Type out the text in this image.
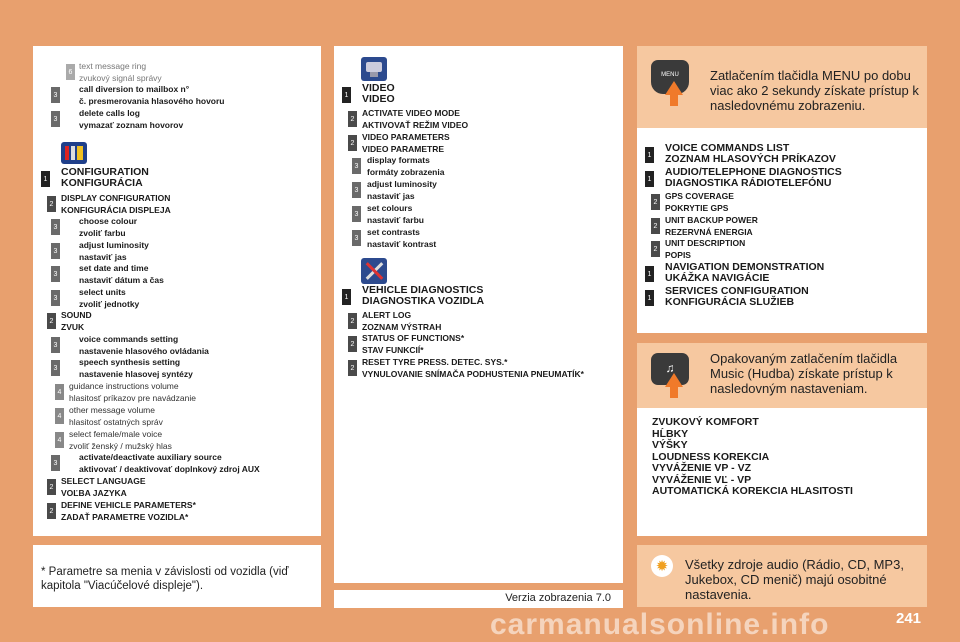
6
text message ring
zvukový signál správy
3
call diversion to mailbox n°
č. presmerovania hlasového hovoru
3
delete calls log
vymazať zoznam hovorov
1
CONFIGURATION
KONFIGURÁCIA
2
DISPLAY CONFIGURATION
KONFIGURÁCIA DISPLEJA
3
choose colour
zvoliť farbu
3
adjust luminosity
nastaviť jas
3
set date and time
nastaviť dátum a čas
3
select units
zvoliť jednotky
2
SOUND
ZVUK
3
voice commands setting
nastavenie hlasového ovládania
3
speech synthesis setting
nastavenie hlasovej syntézy
4
guidance instructions volume
hlasitosť príkazov pre navádzanie
4
other message volume
hlasitosť ostatných správ
4
select female/male voice
zvoliť ženský / mužský hlas
3
activate/deactivate auxiliary source
aktivovať / deaktivovať doplnkový zdroj AUX
2
SELECT LANGUAGE
VOĽBA JAZYKA
2
DEFINE VEHICLE PARAMETERS*
ZADAŤ PARAMETRE VOZIDLA*
* Parametre sa menia v závislosti od vozidla (viď
kapitola "Viacúčelové displeje").
1
VIDEO
VIDEO
2
ACTIVATE VIDEO MODE
AKTIVOVAŤ REŽIM VIDEO
2
VIDEO PARAMETERS
VIDEO PARAMETRE
3
display formats
formáty zobrazenia
3
adjust luminosity
nastaviť jas
3
set colours
nastaviť farbu
3
set contrasts
nastaviť kontrast
1
VEHICLE DIAGNOSTICS
DIAGNOSTIKA VOZIDLA
2
ALERT LOG
ZOZNAM VÝSTRAH
2
STATUS OF FUNCTIONS*
STAV FUNKCIÍ*
2
RESET TYRE PRESS. DETEC. SYS.*
VYNULOVANIE SNÍMAČA PODHUSTENIA PNEUMATÍK*
Verzia zobrazenia 7.0
MENU	Zatlačením tlačidla MENU po dobu
viac ako 2 sekundy získate prístup k
nasledovnému zobrazeniu.
1
VOICE COMMANDS LIST
ZOZNAM HLASOVÝCH PRÍKAZOV
1
AUDIO/TELEPHONE DIAGNOSTICS
DIAGNOSTIKA RÁDIOTELEFÓNU
2
GPS COVERAGE
POKRYTIE GPS
2
UNIT BACKUP POWER
REZERVNÁ ENERGIA
2
UNIT DESCRIPTION
POPIS
1
NAVIGATION DEMONSTRATION
UKÁŽKA NAVIGÁCIE
1
SERVICES CONFIGURATION
KONFIGURÁCIA SLUŽIEB
♫
Opakovaným zatlačením tlačidla
Music (Hudba) získate prístup k
nasledovným nastaveniam.
ZVUKOVÝ KOMFORT
HĹBKY
VÝŠKY
LOUDNESS KOREKCIA
VYVÁŽENIE VP - VZ
VYVÁŽENIE VĽ - VP
AUTOMATICKÁ KOREKCIA HLASITOSTI
✹	Všetky zdroje audio (Rádio, CD, MP3,
Jukebox, CD menič) majú osobitné
nastavenia.
241
carmanualsonline.info
